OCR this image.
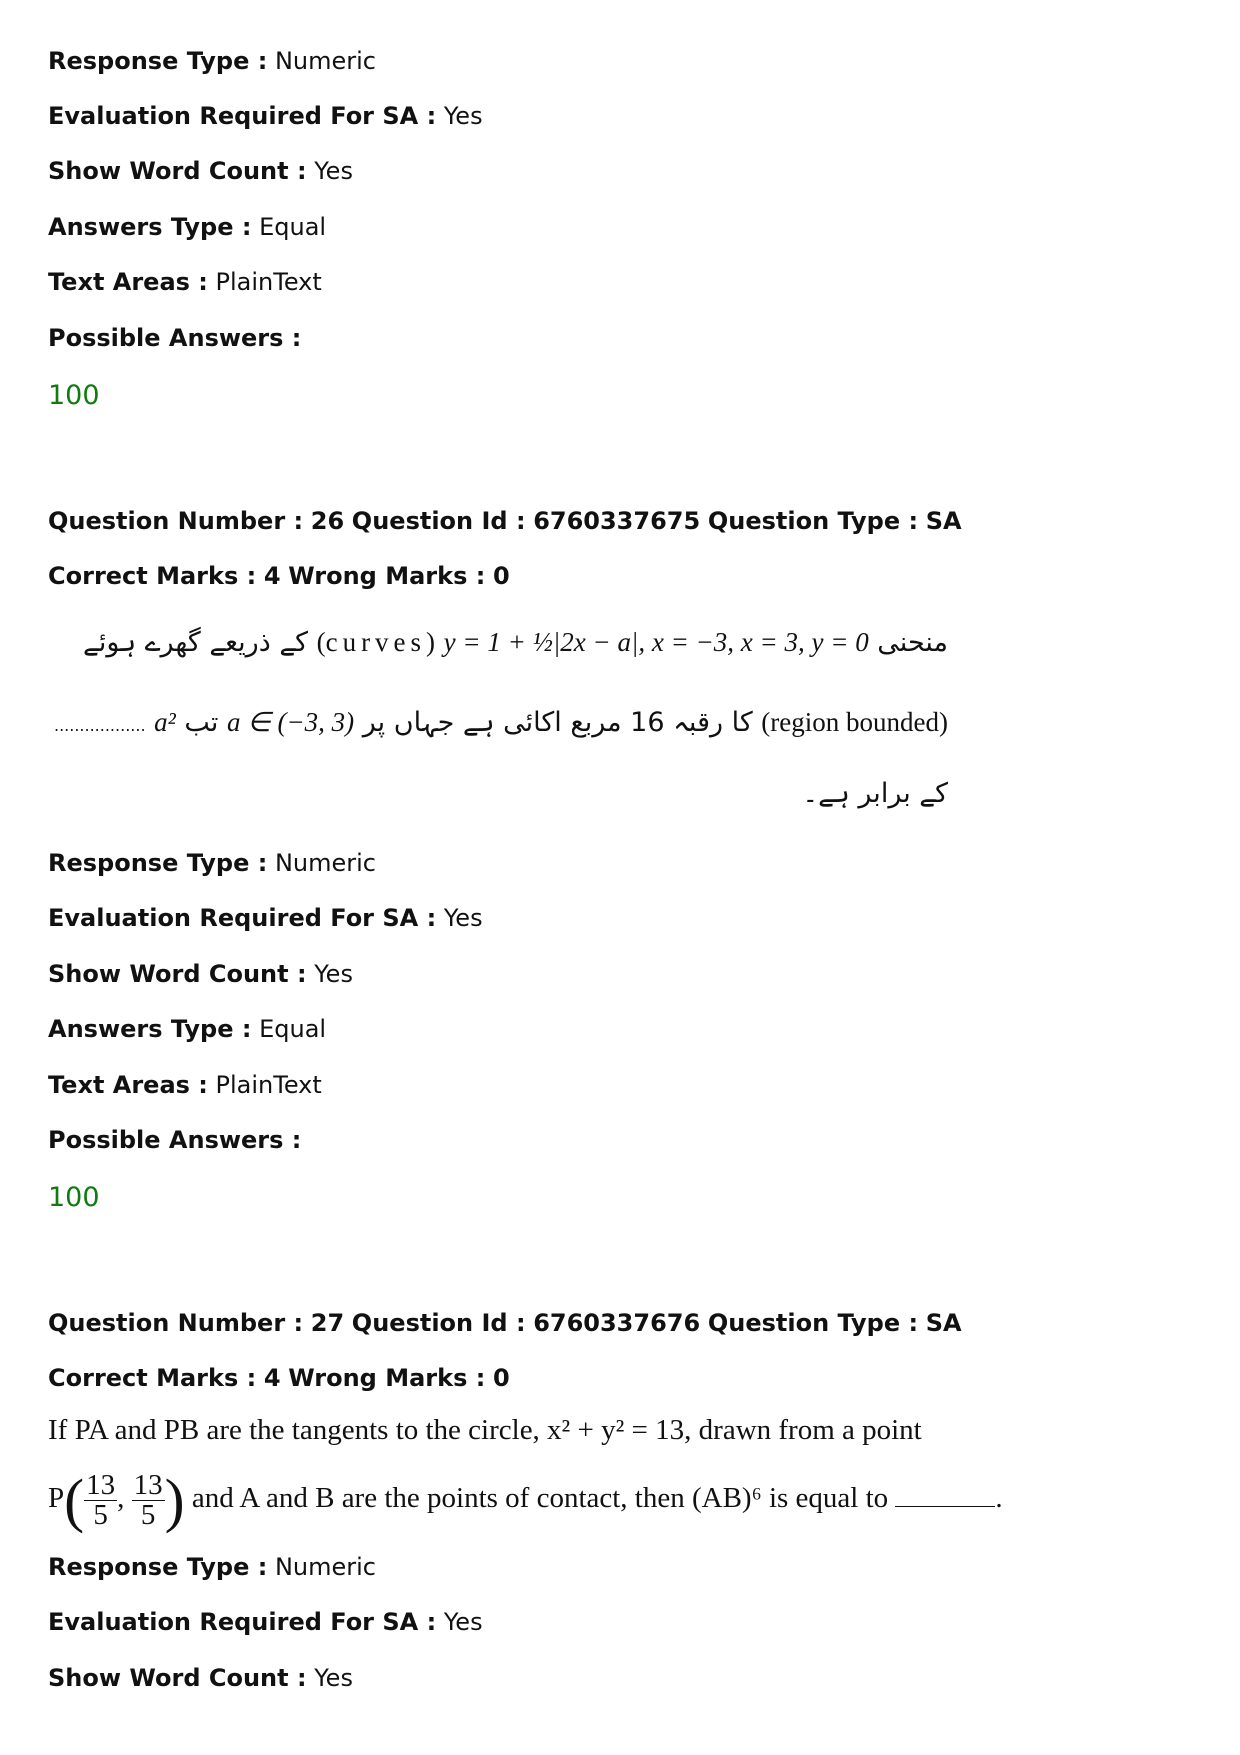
Response Type : Numeric
Evaluation Required For SA : Yes
Show Word Count : Yes
Answers Type : Equal
Text Areas : PlainText
Possible Answers :
100
Question Number : 26 Question Id : 6760337675 Question Type : SA
Correct Marks : 4 Wrong Marks : 0
منحنی (curves) y = 1 + ½|2x − a|, x = −3, x = 3, y = 0 کے ذریعے گھرے ہوئے
(region bounded) کا رقبہ 16 مربع اکائی ہے جہاں پر a ∈ (−3, 3) تب a² ..................
کے برابر ہے۔
Response Type : Numeric
Evaluation Required For SA : Yes
Show Word Count : Yes
Answers Type : Equal
Text Areas : PlainText
Possible Answers :
100
Question Number : 27 Question Id : 6760337676 Question Type : SA
Correct Marks : 4 Wrong Marks : 0
If PA and PB are the tangents to the circle, x² + y² = 13, drawn from a point
$P( \frac{13}{5}$ , $\frac{13}{5}$ ) and A and B are the points of contact, then (AB)⁶ is equal to	.
Response Type : Numeric
Evaluation Required For SA : Yes
Show Word Count : Yes
